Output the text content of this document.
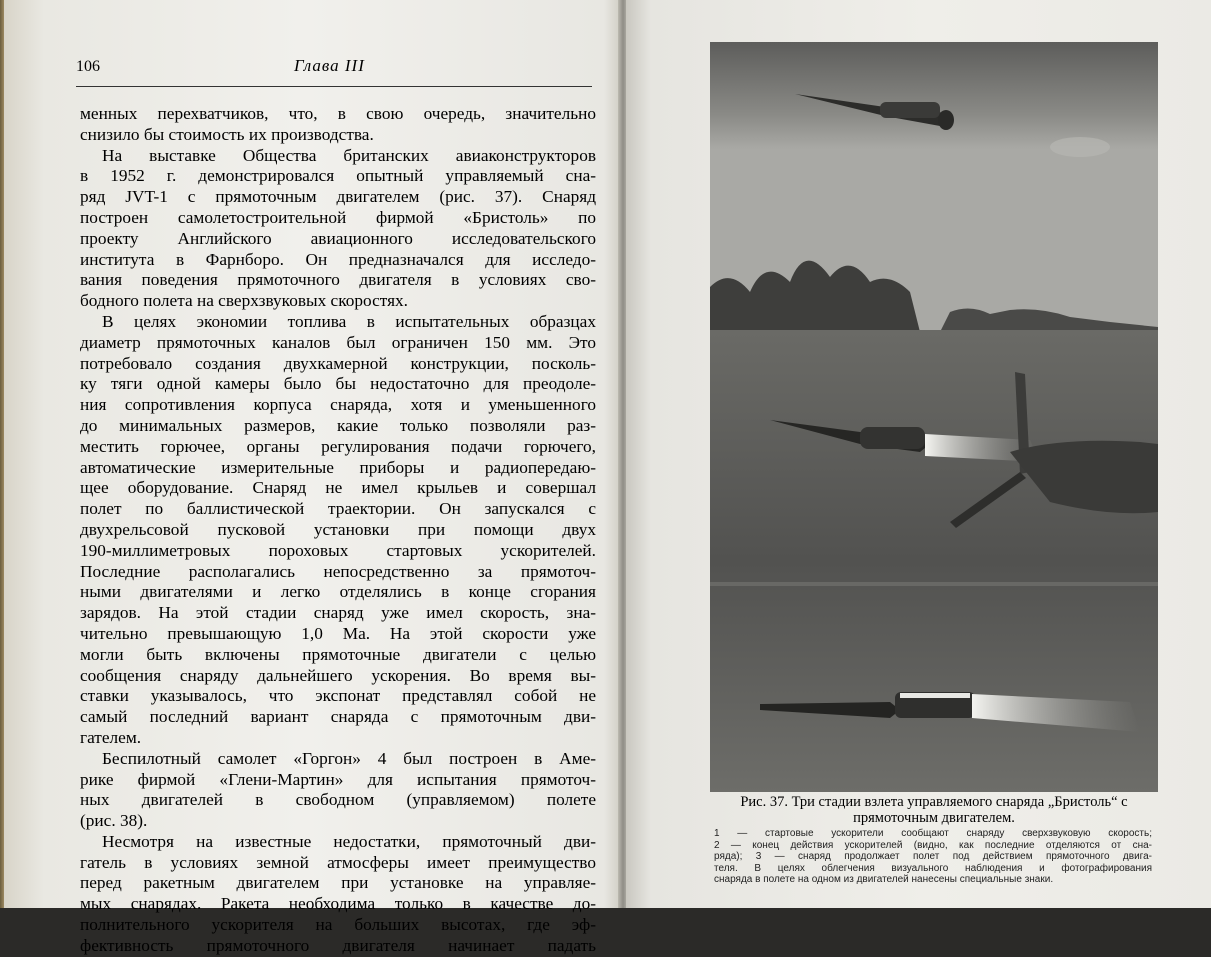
106	Глава III
менных перехватчиков, что, в свою очередь, значительно
снизило бы стоимость их производства.
На выставке Общества британских авиаконструкторов
в 1952 г. демонстрировался опытный управляемый сна-
ряд JVT-1 с прямоточным двигателем (рис. 37). Снаряд
построен самолетостроительной фирмой «Бристоль» по
проекту Английского авиационного исследовательского
института в Фарнборо. Он предназначался для исследо-
вания поведения прямоточного двигателя в условиях сво-
бодного полета на сверхзвуковых скоростях.
В целях экономии топлива в испытательных образцах
диаметр прямоточных каналов был ограничен 150 мм. Это
потребовало создания двухкамерной конструкции, посколь-
ку тяги одной камеры было бы недостаточно для преодоле-
ния сопротивления корпуса снаряда, хотя и уменьшенного
до минимальных размеров, какие только позволяли раз-
местить горючее, органы регулирования подачи горючего,
автоматические измерительные приборы и радиопередаю-
щее оборудование. Снаряд не имел крыльев и совершал
полет по баллистической траектории. Он запускался с
двухрельсовой пусковой установки при помощи двух
190-миллиметровых пороховых стартовых ускорителей.
Последние располагались непосредственно за прямоточ-
ными двигателями и легко отделялись в конце сгорания
зарядов. На этой стадии снаряд уже имел скорость, зна-
чительно превышающую 1,0 Ма. На этой скорости уже
могли быть включены прямоточные двигатели с целью
сообщения снаряду дальнейшего ускорения. Во время вы-
ставки указывалось, что экспонат представлял собой не
самый последний вариант снаряда с прямоточным дви-
гателем.
Беспилотный самолет «Горгон» 4 был построен в Аме-
рике фирмой «Глени-Мартин» для испытания прямоточ-
ных двигателей в свободном (управляемом) полете
(рис. 38).
Несмотря на известные недостатки, прямоточный дви-
гатель в условиях земной атмосферы имеет преимущество
перед ракетным двигателем при установке на управляе-
мых снарядах. Ракета необходима только в качестве до-
полнительного ускорителя на больших высотах, где эф-
фективность прямоточного двигателя начинает падать
Рис. 37. Три стадии взлета управляемого снаряда „Бристоль“ с прямоточным двигателем.
1 — стартовые ускорители сообщают снаряду сверхзвуковую скорость;
2 — конец действия ускорителей (видно, как последние отделяются от сна-
ряда); 3 — снаряд продолжает полет под действием прямоточного двига-
теля. В целях облегчения визуального наблюдения и фотографирования
снаряда в полете на одном из двигателей нанесены специальные знаки.
